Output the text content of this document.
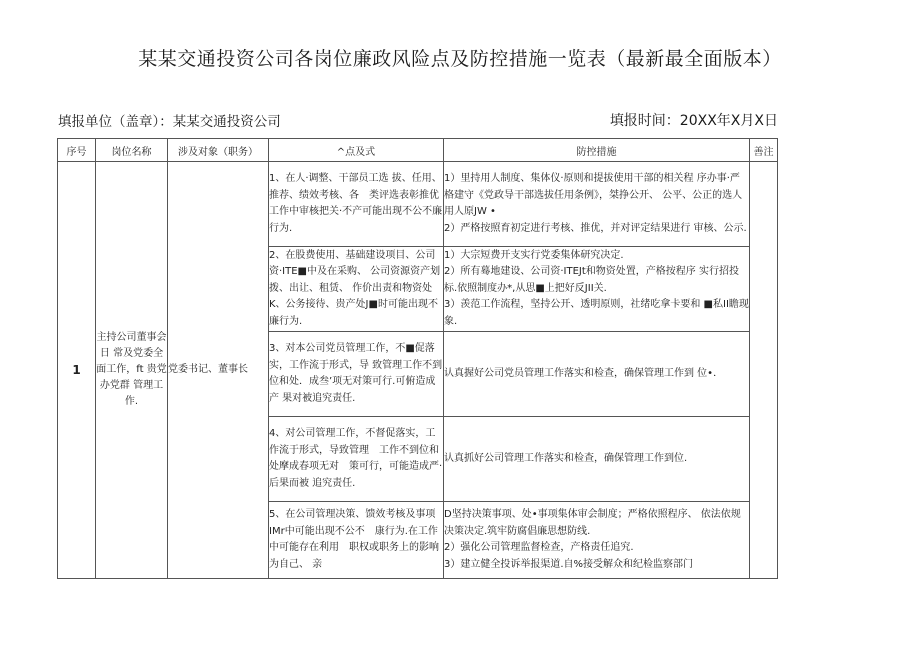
某某交通投资公司各岗位廉政风险点及防控措施一览表（最新最全面版本）
填报单位（盖章）：某某交通投资公司	填报时间：20XX年X月X日
序号	岗位名称	涉及对象（职务）	^点及式	防控措施	善注
1	主持公司董事会日 常及党委全 面工作，ft 贵党办党群 管理工作.	党委书记、董事长	1、在人·调整、干部员工选 拔、任用、推荐、绩效考核、各　类评选表彰推优工作中审核把关·不产可能出现不公不廉行为.	1）里持用人制度、集体仪·原则和提拔使用干部的相关程 序办事·严格建守《党政导干部选拔任用条例》，桀挣公开、 公平、公正的选人用人原JW •
2）严格按照育初定进行考核、推优，并对评定结果进行 审核、公示.	

			2、在股费使用、基础建设项目、公司资·ITE■中及在采购、 公司资源资产划拨、出让、租赁、 作价出责和物资处K、公务接待、贵产处J■时可能出现不廉行为.	1）大宗短费开支实行党委集体研究决定.
2）所有蓦地建设、公司资·ITEJt和物资处置，产格按程序 实行招投标.依照制度办*,从思■上把好反JII关.
3）羡范工作流程，坚持公开、透明原则，社绪吃拿卡要和 ■私II瞻现象.	

			3、对本公司党员管理工作，不■促落实，工作流于形式，导 致管理工作不到位和处．成叁’项无对策可行.可俯造成产 果对被追究责任.	认真握好公司党员管理工作落实和检查，确保管理工作到 位•．	

			4、对公司管理工作，不督促落实，工作流于形式，导致管理　工作不到位和处摩成春项无对　策可行，可能造成严·后果而被 追究责任.	认真抓好公司管理工作落实和检查，确保管理工作到位.	

			5、在公司管理决策、馈效考核及事项IMr中可能出现不公不　康行为.在工作中可能存在利用　职权或职务上的影响为自己、 亲	D坚持决策事项、处•事项集体审会制度；严格依照程序、 依法依规决策决定.筑牢防腐倡廉思想防线.
2）强化公司管理监督检查，产格责任追究.
3）建立健全投诉举报渠道.自%接受解众和纪检监察部门	
